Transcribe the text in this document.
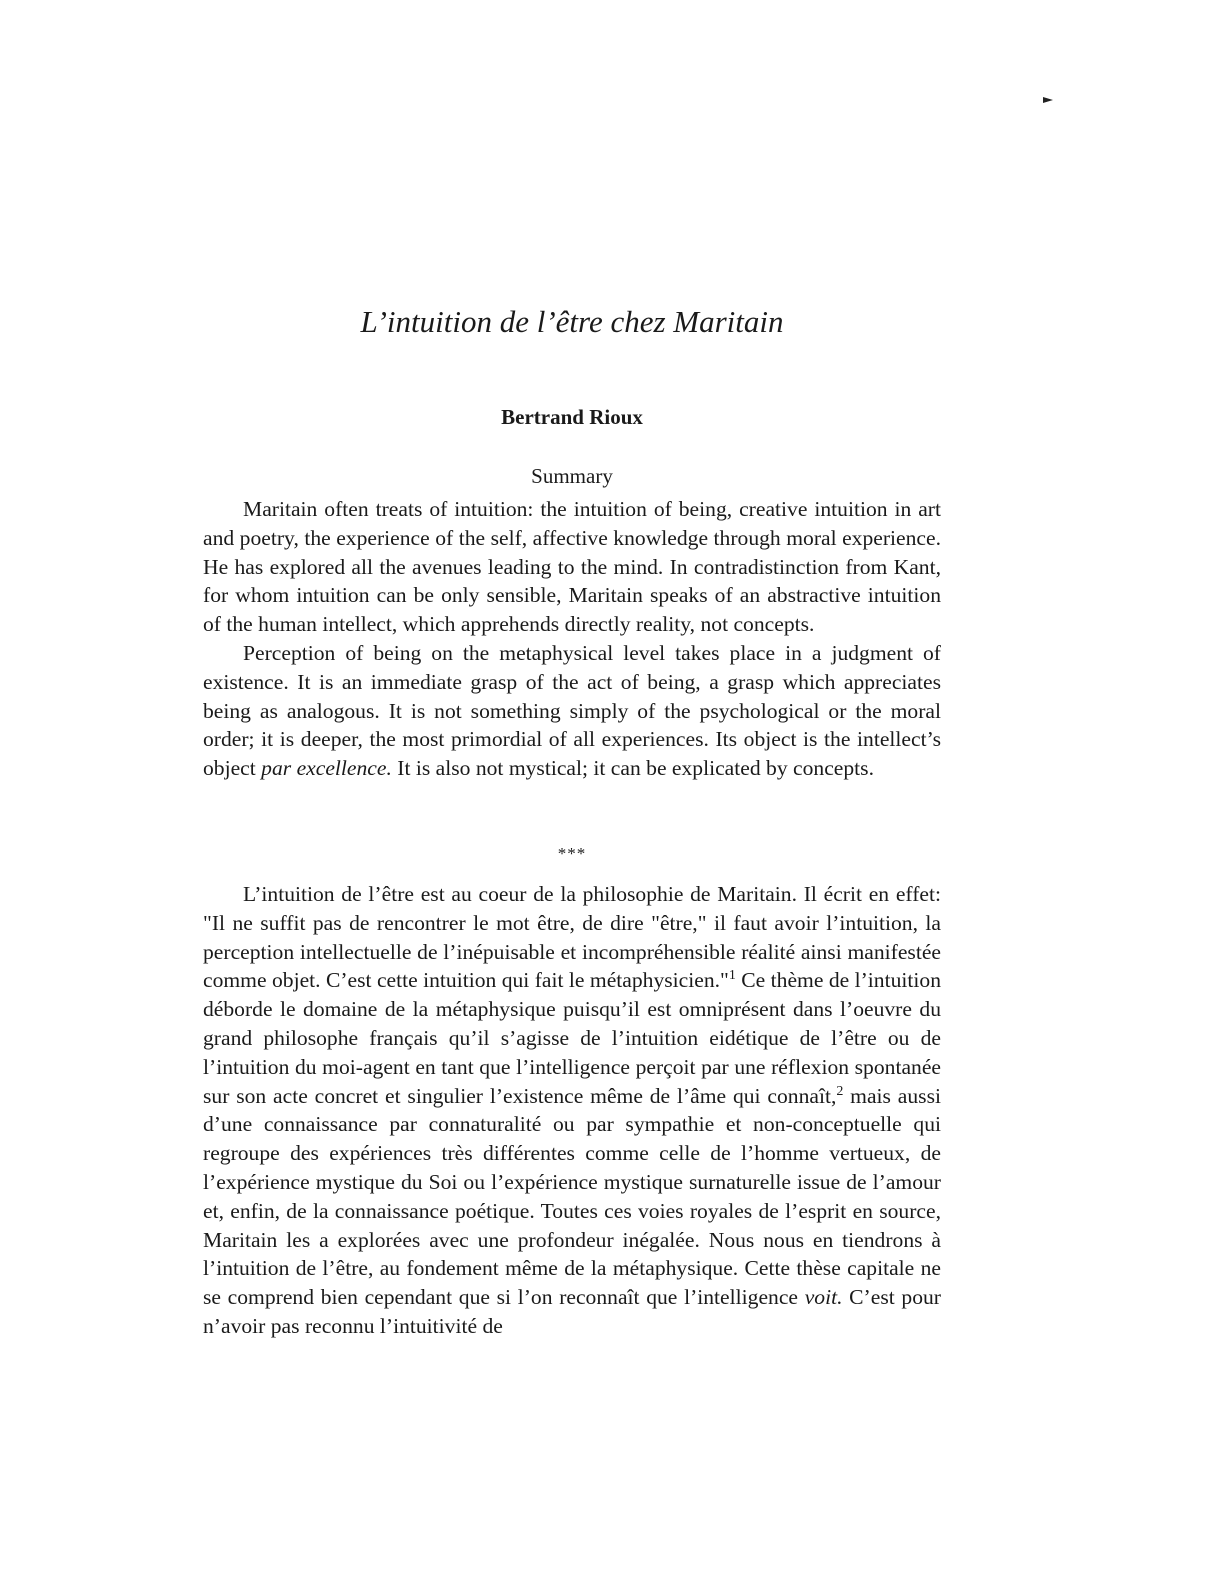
L’intuition de l’être chez Maritain
Bertrand Rioux
Summary

Maritain often treats of intuition: the intuition of being, creative intuition in art and poetry, the experience of the self, affective knowledge through moral experience. He has explored all the avenues leading to the mind. In contradistinction from Kant, for whom intuition can be only sensible, Maritain speaks of an abstractive intuition of the human intellect, which apprehends directly reality, not concepts.

Perception of being on the metaphysical level takes place in a judgment of existence. It is an immediate grasp of the act of being, a grasp which appreciates being as analogous. It is not something simply of the psychological or the moral order; it is deeper, the most primordial of all experiences. Its object is the intellect’s object par excellence. It is also not mystical; it can be explicated by concepts.

***

L’intuition de l’être est au coeur de la philosophie de Maritain. Il écrit en effet: "Il ne suffit pas de rencontrer le mot être, de dire "être," il faut avoir l’intuition, la perception intellectuelle de l’inépuisable et incompréhensible réalité ainsi manifestée comme objet. C’est cette intuition qui fait le métaphysicien."$^1$ Ce thème de l’intuition déborde le domaine de la métaphysique puisqu’il est omniprésent dans l’oeuvre du grand philosophe français qu’il s’agisse de l’intuition eidétique de l’être ou de l’intuition du moi-agent en tant que l’intelligence perçoit par une réflexion spontanée sur son acte concret et singulier l’existence même de l’âme qui connaît,$^2$ mais aussi d’une connaissance par connaturalité ou par sympathie et non-conceptuelle qui regroupe des expériences très différentes comme celle de l’homme vertueux, de l’expérience mystique du Soi ou l’expérience mystique surnaturelle issue de l’amour et, enfin, de la connaissance poétique. Toutes ces voies royales de l’esprit en source, Maritain les a explorées avec une profondeur inégalée. Nous nous en tiendrons à l’intuition de l’être, au fondement même de la métaphysique. Cette thèse capitale ne se comprend bien cependant que si l’on reconnaît que l’intelligence voit. C’est pour n’avoir pas reconnu l’intuitivité de
